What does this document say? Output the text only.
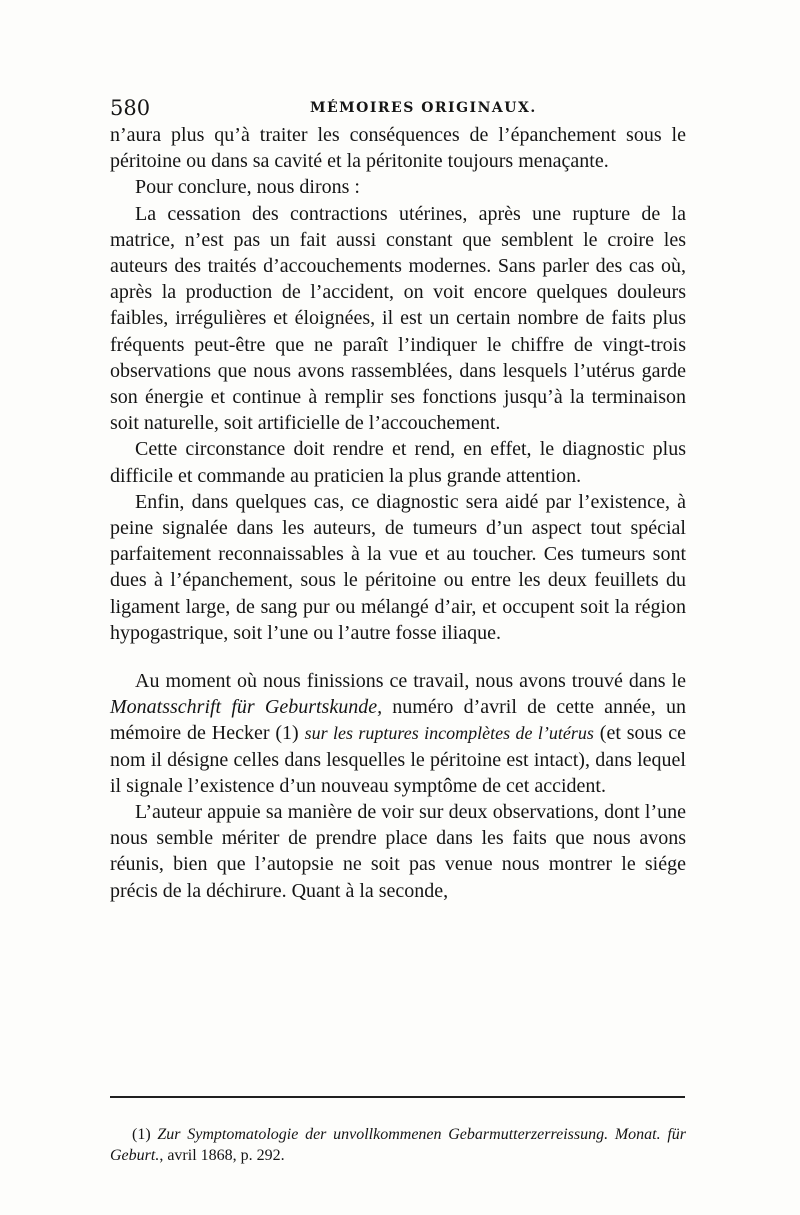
580	MÉMOIRES ORIGINAUX.

n’aura plus qu’à traiter les conséquences de l’épanchement sous le péritoine ou dans sa cavité et la péritonite toujours menaçante.

Pour conclure, nous dirons :

La cessation des contractions utérines, après une rupture de la matrice, n’est pas un fait aussi constant que semblent le croire les auteurs des traités d’accouchements modernes. Sans parler des cas où, après la production de l’accident, on voit encore quelques douleurs faibles, irrégulières et éloignées, il est un certain nombre de faits plus fréquents peut-être que ne paraît l’indiquer le chiffre de vingt-trois observations que nous avons rassemblées, dans lesquels l’utérus garde son énergie et continue à remplir ses fonctions jusqu’à la terminaison soit naturelle, soit artificielle de l’accouchement.

Cette circonstance doit rendre et rend, en effet, le diagnostic plus difficile et commande au praticien la plus grande attention.

Enfin, dans quelques cas, ce diagnostic sera aidé par l’existence, à peine signalée dans les auteurs, de tumeurs d’un aspect tout spécial parfaitement reconnaissables à la vue et au toucher. Ces tumeurs sont dues à l’épanchement, sous le péritoine ou entre les deux feuillets du ligament large, de sang pur ou mélangé d’air, et occupent soit la région hypogastrique, soit l’une ou l’autre fosse iliaque.

Au moment où nous finissions ce travail, nous avons trouvé dans le Monatsschrift für Geburtskunde, numéro d’avril de cette année, un mémoire de Hecker (1) sur les ruptures incomplètes de l’utérus (et sous ce nom il désigne celles dans lesquelles le péritoine est intact), dans lequel il signale l’existence d’un nouveau symptôme de cet accident.

L’auteur appuie sa manière de voir sur deux observations, dont l’une nous semble mériter de prendre place dans les faits que nous avons réunis, bien que l’autopsie ne soit pas venue nous montrer le siége précis de la déchirure. Quant à la seconde,

(1) Zur Symptomatologie der unvollkommenen Gebarmutterzerreissung. Monat. für Geburt., avril 1868, p. 292.
